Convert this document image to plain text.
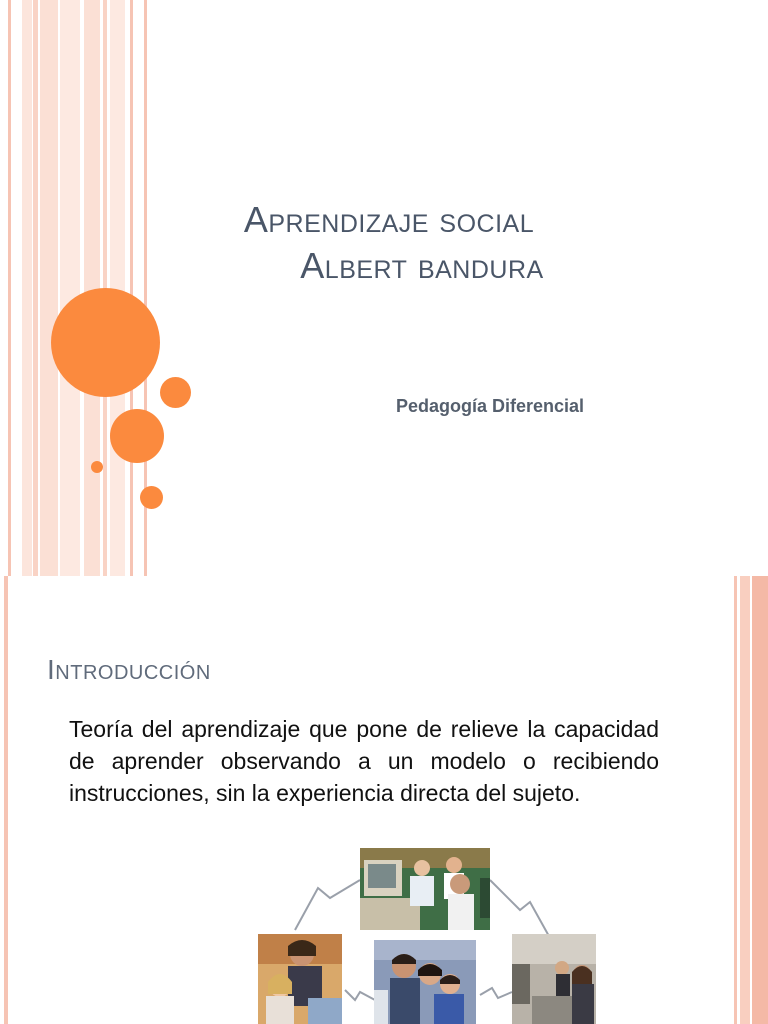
Aprendizaje social
Albert bandura
Pedagogía Diferencial
Introducción
Teoría del aprendizaje que pone de relieve la capacidad de aprender observando a un modelo o recibiendo instrucciones, sin la experiencia directa del sujeto.
